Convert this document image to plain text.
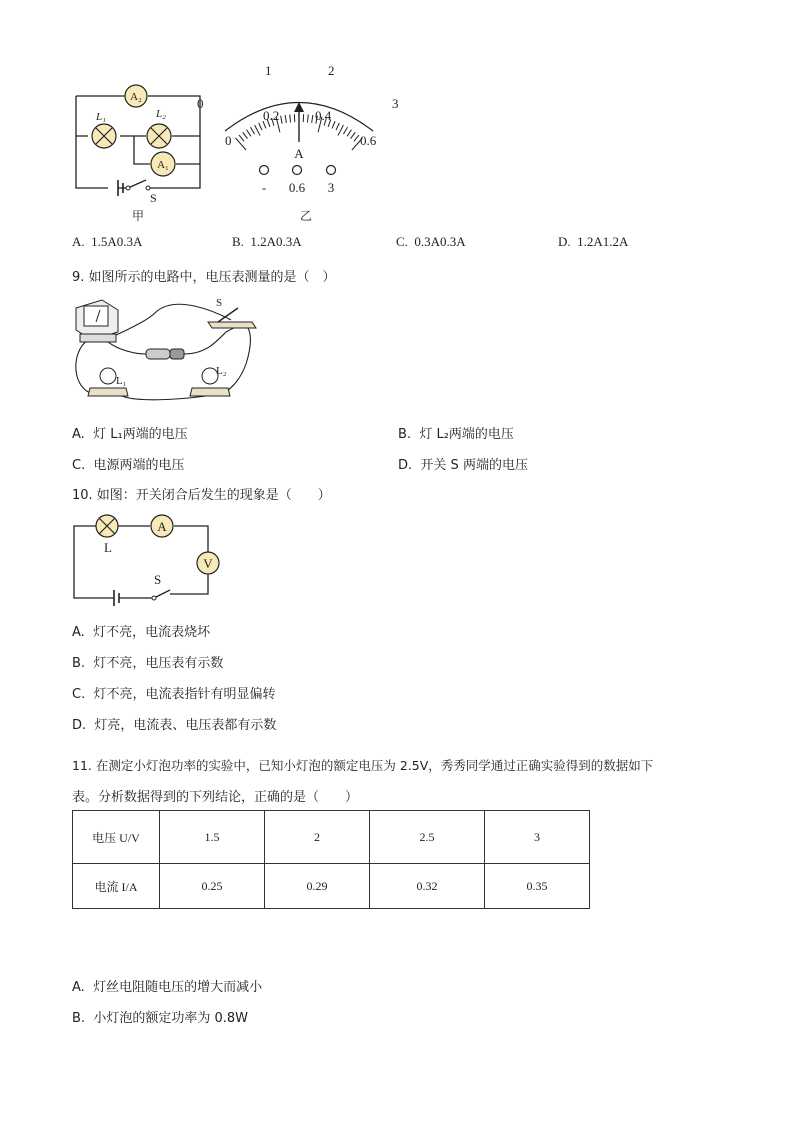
A₂
L₁	L₂
A₁
S
甲
1	2
3
0
0
0.2	0.4
0.6
A
- 0.6 3
乙
A. 1.5A0.3A	B. 1.2A0.3A	C. 0.3A0.3A	D. 1.2A1.2A
9. 如图所示的电路中，电压表测量的是（　）
S
L₁
L₂
A. 灯 L₁两端的电压	B. 灯 L₂两端的电压
C. 电源两端的电压	D. 开关 S 两端的电压
10. 如图：开关闭合后发生的现象是（　　）
L
A
V
S
A. 灯不亮，电流表烧坏
B. 灯不亮，电压表有示数
C. 灯不亮，电流表指针有明显偏转
D. 灯亮，电流表、电压表都有示数
11. 在测定小灯泡功率的实验中，已知小灯泡的额定电压为 2.5V，秀秀同学通过正确实验得到的数据如下
表。分析数据得到的下列结论，正确的是（　　）
电压 U/V	1.5	2	2.5	3
电流 I/A	0.25	0.29	0.32	0.35
A. 灯丝电阻随电压的增大而减小
B. 小灯泡的额定功率为 0.8W
